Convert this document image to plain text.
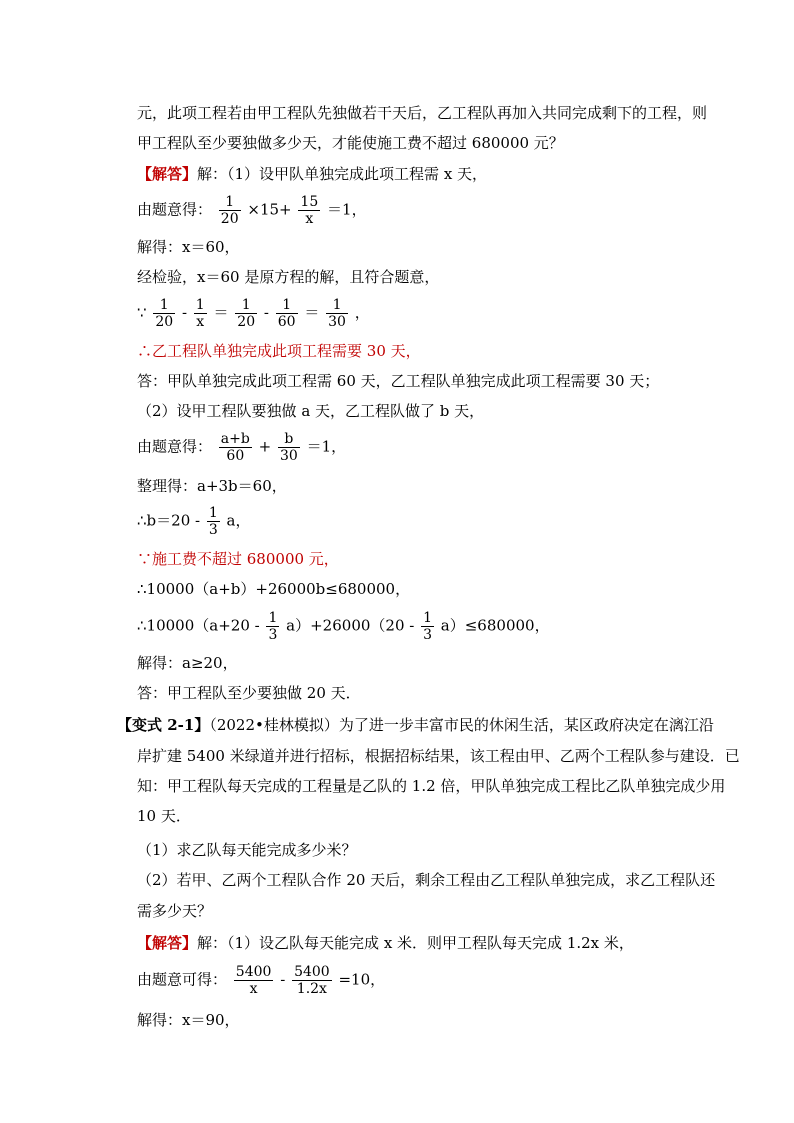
元，此项工程若由甲工程队先独做若干天后，乙工程队再加入共同完成剩下的工程，则
甲工程队至少要独做多少天，才能使施工费不超过 680000 元？
【解答】解：（1）设甲队单独完成此项工程需 x 天，
由题意得： $\frac{1}{20} \times 15+ \frac{15}{x} =1$，
解得：x＝60，
经检验，x＝60 是原方程的解，且符合题意，
∵ $\frac{1}{20} - \frac{1}{x} = \frac{1}{20} - \frac{1}{60} = \frac{1}{30}$ ，
∴乙工程队单独完成此项工程需要 30 天，
答：甲队单独完成此项工程需 60 天，乙工程队单独完成此项工程需要 30 天；
（2）设甲工程队要独做 a 天，乙工程队做了 b 天，
由题意得： $\frac{a+b}{60} + \frac{b}{30} =1$，
整理得：a+3b＝60，
∴b＝20 - $\frac{1}{3}$ a，
∵施工费不超过 680000 元，
∴10000（a+b）+26000b≤680000，
∴10000（a+20 - $\frac{1}{3} a)+26000(20 - \frac{1}{3} a)\le 680000$，
解得：a≥20，
答：甲工程队至少要独做 20 天．
【变式 2-1】（2022•桂林模拟）为了进一步丰富市民的休闲生活，某区政府决定在漓江沿
岸扩建 5400 米绿道并进行招标，根据招标结果，该工程由甲、乙两个工程队参与建设．已
知：甲工程队每天完成的工程量是乙队的 1.2 倍，甲队单独完成工程比乙队单独完成少用
10 天．
（1）求乙队每天能完成多少米？
（2）若甲、乙两个工程队合作 20 天后，剩余工程由乙工程队单独完成，求乙工程队还
需多少天？
【解答】解：（1）设乙队每天能完成 x 米．则甲工程队每天完成 1.2x 米，
由题意可得： $\frac{5400}{x} - \frac{5400}{1.2x} =10$，
解得：x＝90，
